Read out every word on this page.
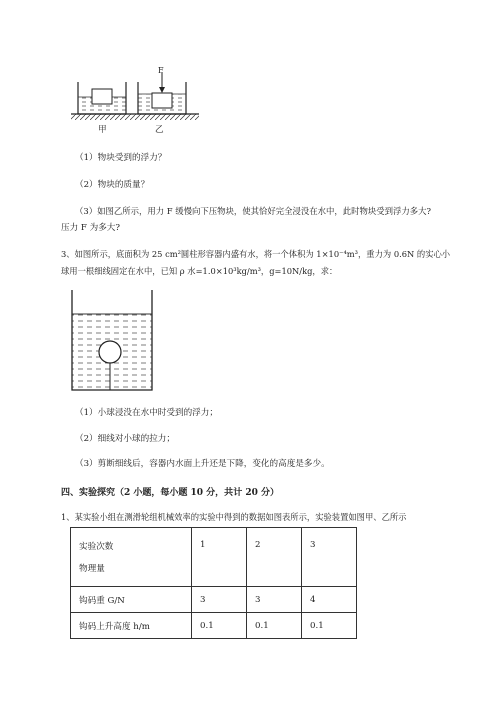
F
甲	乙
（1）物块受到的浮力？
（2）物块的质量？
（3）如图乙所示，用力 F 缓慢向下压物块，使其恰好完全浸没在水中，此时物块受到浮力多大?
压力 F 为多大?
3、如图所示，底面积为 25 cm²圆柱形容器内盛有水，将一个体积为 1×10⁻⁴m³，重力为 0.6N 的实心小
球用一根细线固定在水中，已知 ρ 水=1.0×10³kg/m³，g=10N/kg，求：
（1）小球浸没在水中时受到的浮力；
（2）细线对小球的拉力；
（3）剪断细线后，容器内水面上升还是下降，变化的高度是多少。
四、实验探究（2 小题，每小题 10 分，共计 20 分）
1、某实验小组在测滑轮组机械效率的实验中得到的数据如图表所示，实验装置如图甲、乙所示
实验次数
物理量	1	2	3
钩码重 G/N	3	3	4
钩码上升高度 h/m	0.1	0.1	0.1
